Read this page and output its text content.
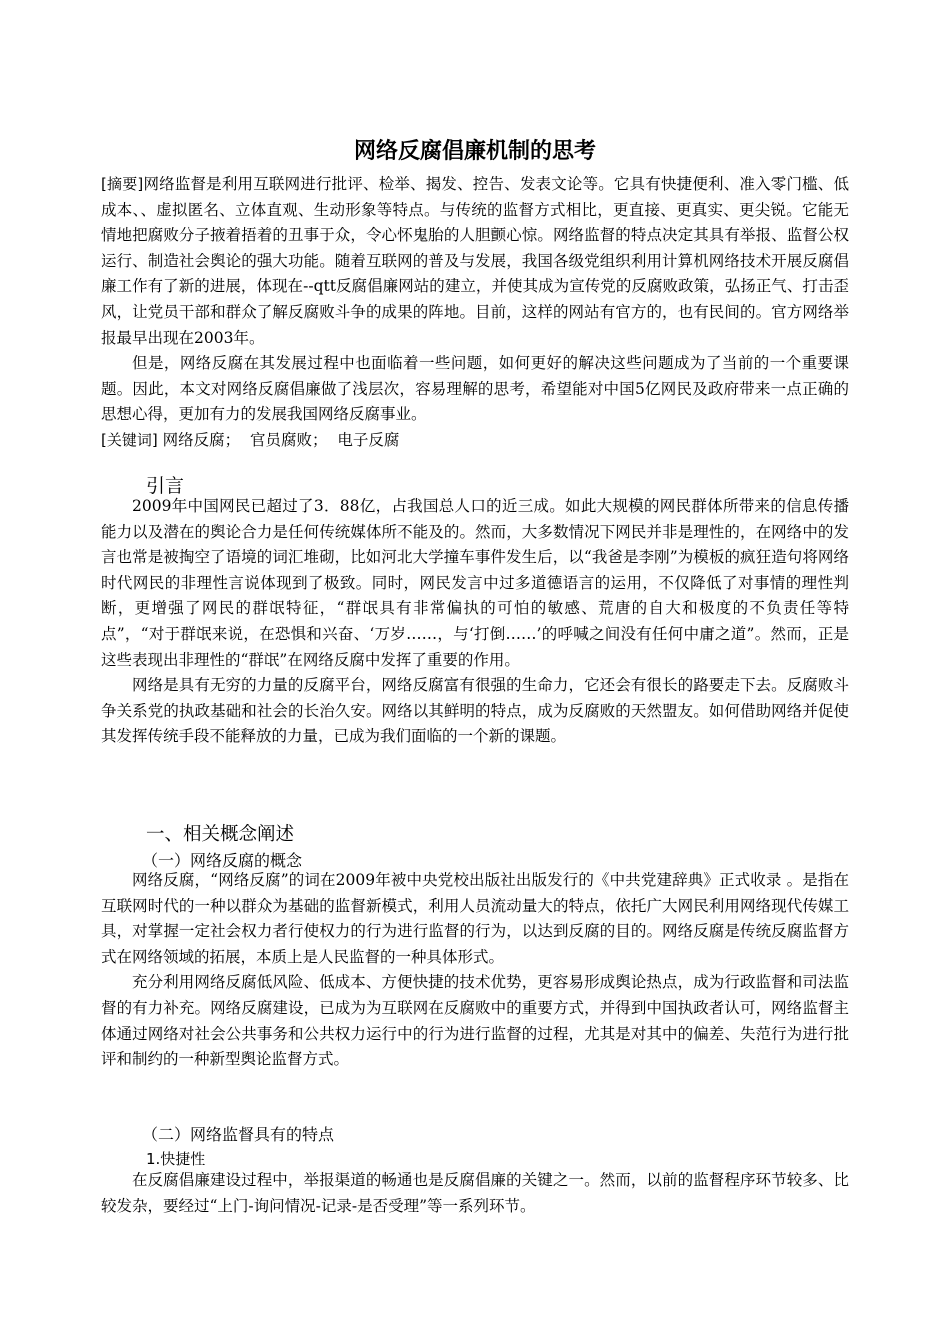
网络反腐倡廉机制的思考

[摘要]网络监督是利用互联网进行批评、检举、揭发、控告、发表文论等。它具有快捷便利、准入零门槛、低成本、、虚拟匿名、立体直观、生动形象等特点。与传统的监督方式相比，更直接、更真实、更尖锐。它能无情地把腐败分子掖着捂着的丑事于众，令心怀鬼胎的人胆颤心惊。网络监督的特点决定其具有举报、监督公权运行、制造社会舆论的强大功能。随着互联网的普及与发展，我国各级党组织利用计算机网络技术开展反腐倡廉工作有了新的进展，体现在--qtt反腐倡廉网站的建立，并使其成为宣传党的反腐败政策，弘扬正气、打击歪风，让党员干部和群众了解反腐败斗争的成果的阵地。目前，这样的网站有官方的，也有民间的。官方网络举报最早出现在2003年。

但是，网络反腐在其发展过程中也面临着一些问题，如何更好的解决这些问题成为了当前的一个重要课题。因此，本文对网络反腐倡廉做了浅层次，容易理解的思考，希望能对中国5亿网民及政府带来一点正确的思想心得，更加有力的发展我国网络反腐事业。

[关键词] 网络反腐；  官员腐败；  电子反腐

引言

2009年中国网民已超过了3．88亿，占我国总人口的近三成。如此大规模的网民群体所带来的信息传播能力以及潜在的舆论合力是任何传统媒体所不能及的。然而，大多数情况下网民并非是理性的，在网络中的发言也常是被掏空了语境的词汇堆砌，比如河北大学撞车事件发生后，以“我爸是李刚”为模板的疯狂造句将网络时代网民的非理性言说体现到了极致。同时，网民发言中过多道德语言的运用，不仅降低了对事情的理性判断，更增强了网民的群氓特征，“群氓具有非常偏执的可怕的敏感、荒唐的自大和极度的不负责任等特点”，“对于群氓来说，在恐惧和兴奋、‘万岁……，与‘打倒……’的呼喊之间没有任何中庸之道”。然而，正是这些表现出非理性的“群氓”在网络反腐中发挥了重要的作用。

网络是具有无穷的力量的反腐平台，网络反腐富有很强的生命力，它还会有很长的路要走下去。反腐败斗争关系党的执政基础和社会的长治久安。网络以其鲜明的特点，成为反腐败的天然盟友。如何借助网络并促使其发挥传统手段不能释放的力量，已成为我们面临的一个新的课题。

一、相关概念阐述
（一）网络反腐的概念

网络反腐，“网络反腐”的词在2009年被中央党校出版社出版发行的《中共党建辞典》正式收录 。是指在互联网时代的一种以群众为基础的监督新模式，利用人员流动量大的特点，依托广大网民利用网络现代传媒工具，对掌握一定社会权力者行使权力的行为进行监督的行为，以达到反腐的目的。网络反腐是传统反腐监督方式在网络领域的拓展，本质上是人民监督的一种具体形式。

充分利用网络反腐低风险、低成本、方便快捷的技术优势，更容易形成舆论热点，成为行政监督和司法监督的有力补充。网络反腐建设，已成为为互联网在反腐败中的重要方式，并得到中国执政者认可，网络监督主体通过网络对社会公共事务和公共权力运行中的行为进行监督的过程，尤其是对其中的偏差、失范行为进行批评和制约的一种新型舆论监督方式。

（二）网络监督具有的特点
1.快捷性

在反腐倡廉建设过程中，举报渠道的畅通也是反腐倡廉的关键之一。然而，以前的监督程序环节较多、比较发杂，要经过“上门-询问情况-记录-是否受理”等一系列环节。
